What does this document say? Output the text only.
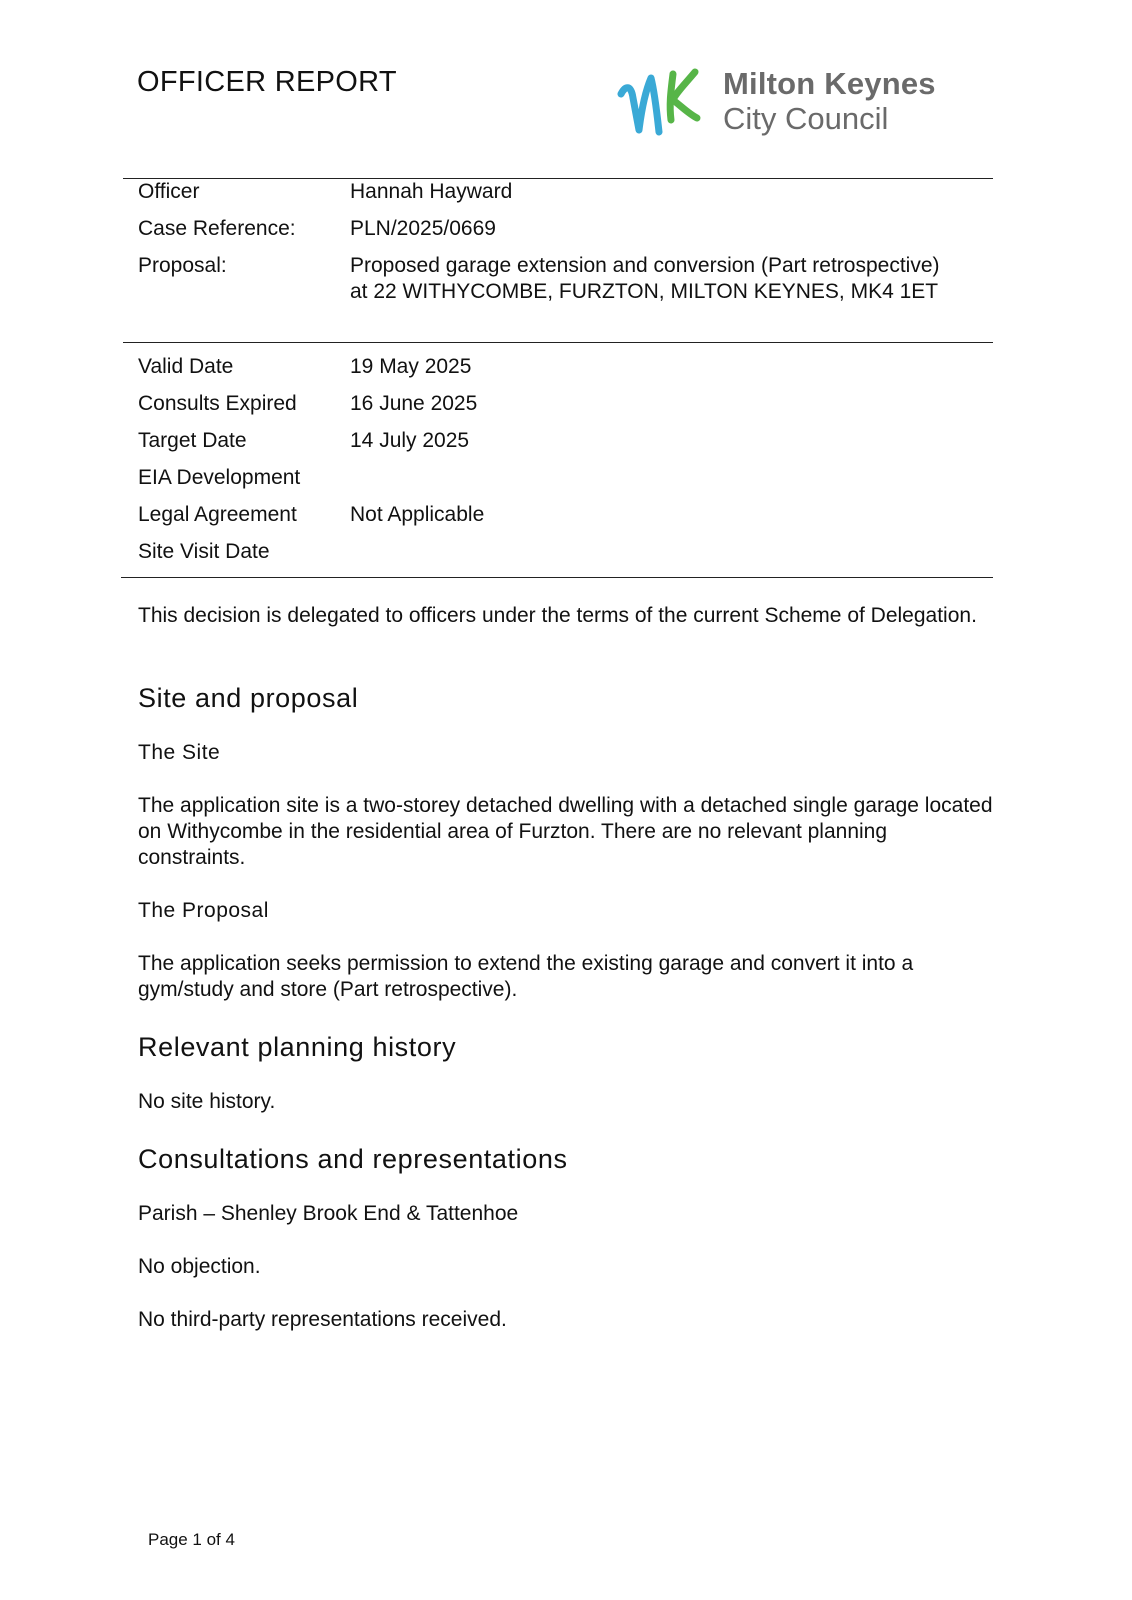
OFFICER REPORT	Milton Keynes
City Council
Officer	Hannah Hayward
Case Reference:	PLN/2025/0669
Proposal:	Proposed garage extension and conversion (Part retrospective) at 22 WITHYCOMBE, FURZTON, MILTON KEYNES, MK4 1ET
Valid Date	19 May 2025
Consults Expired	16 June 2025
Target Date	14 July 2025
EIA Development
Legal Agreement	Not Applicable
Site Visit Date

This decision is delegated to officers under the terms of the current Scheme of Delegation.

Site and proposal
The Site

The application site is a two-storey detached dwelling with a detached single garage located on Withycombe in the residential area of Furzton. There are no relevant planning constraints.

The Proposal

The application seeks permission to extend the existing garage and convert it into a gym/study and store (Part retrospective).

Relevant planning history

No site history.

Consultations and representations

Parish – Shenley Brook End & Tattenhoe

No objection.

No third-party representations received.

Page 1 of 4
